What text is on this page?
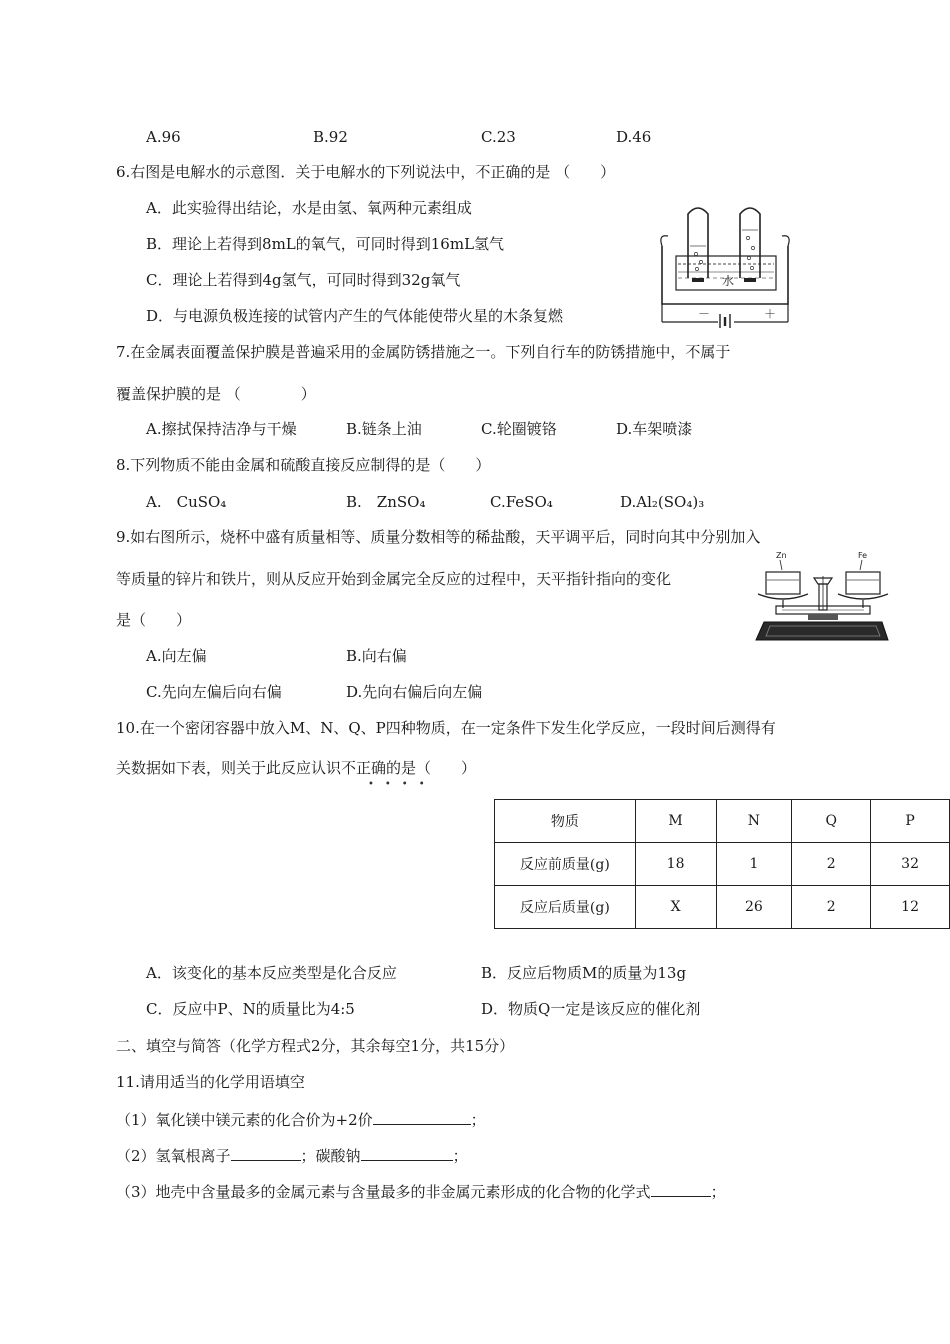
A.96	B.92	C.23	D.46
6.右图是电解水的示意图．关于电解水的下列说法中，不正确的是 （　　）
A．此实验得出结论，水是由氢、氧两种元素组成
B．理论上若得到8mL的氧气，可同时得到16mL氢气
C．理论上若得到4g氢气，可同时得到32g氧气
D．与电源负极连接的试管内产生的气体能使带火星的木条复燃
水
－	＋
7.在金属表面覆盖保护膜是普遍采用的金属防锈措施之一。下列自行车的防锈措施中，不属于
覆盖保护膜的是 （　　　　）
A.擦拭保持洁净与干燥	B.链条上油	C.轮圈镀铬	D.车架喷漆
8.下列物质不能由金属和硫酸直接反应制得的是（　　）
A.　CuSO₄	B.　ZnSO₄	C.FeSO₄	D.Al₂(SO₄)₃
9.如右图所示，烧杯中盛有质量相等、质量分数相等的稀盐酸，天平调平后，同时向其中分别加入
等质量的锌片和铁片，则从反应开始到金属完全反应的过程中，天平指针指向的变化
是（　　）
A.向左偏	B.向右偏
C.先向左偏后向右偏	D.先向右偏后向左偏
Zn	Fe
10.在一个密闭容器中放入M、N、Q、P四种物质，在一定条件下发生化学反应，一段时间后测得有
关数据如下表，则关于此反应认识不正确的是（　　）
••••
物质	M	N	Q	P
反应前质量(g)	18	1	2	32
反应后质量(g)	X	26	2	12
A．该变化的基本反应类型是化合反应	B．反应后物质M的质量为13g
C．反应中P、N的质量比为4:5	D．物质Q一定是该反应的催化剂
二、填空与简答（化学方程式2分，其余每空1分，共15分）
11.请用适当的化学用语填空
（1）氧化镁中镁元素的化合价为+2价	；
（2）氢氧根离子	；碳酸钠	；
（3）地壳中含量最多的金属元素与含量最多的非金属元素形成的化合物的化学式	；
